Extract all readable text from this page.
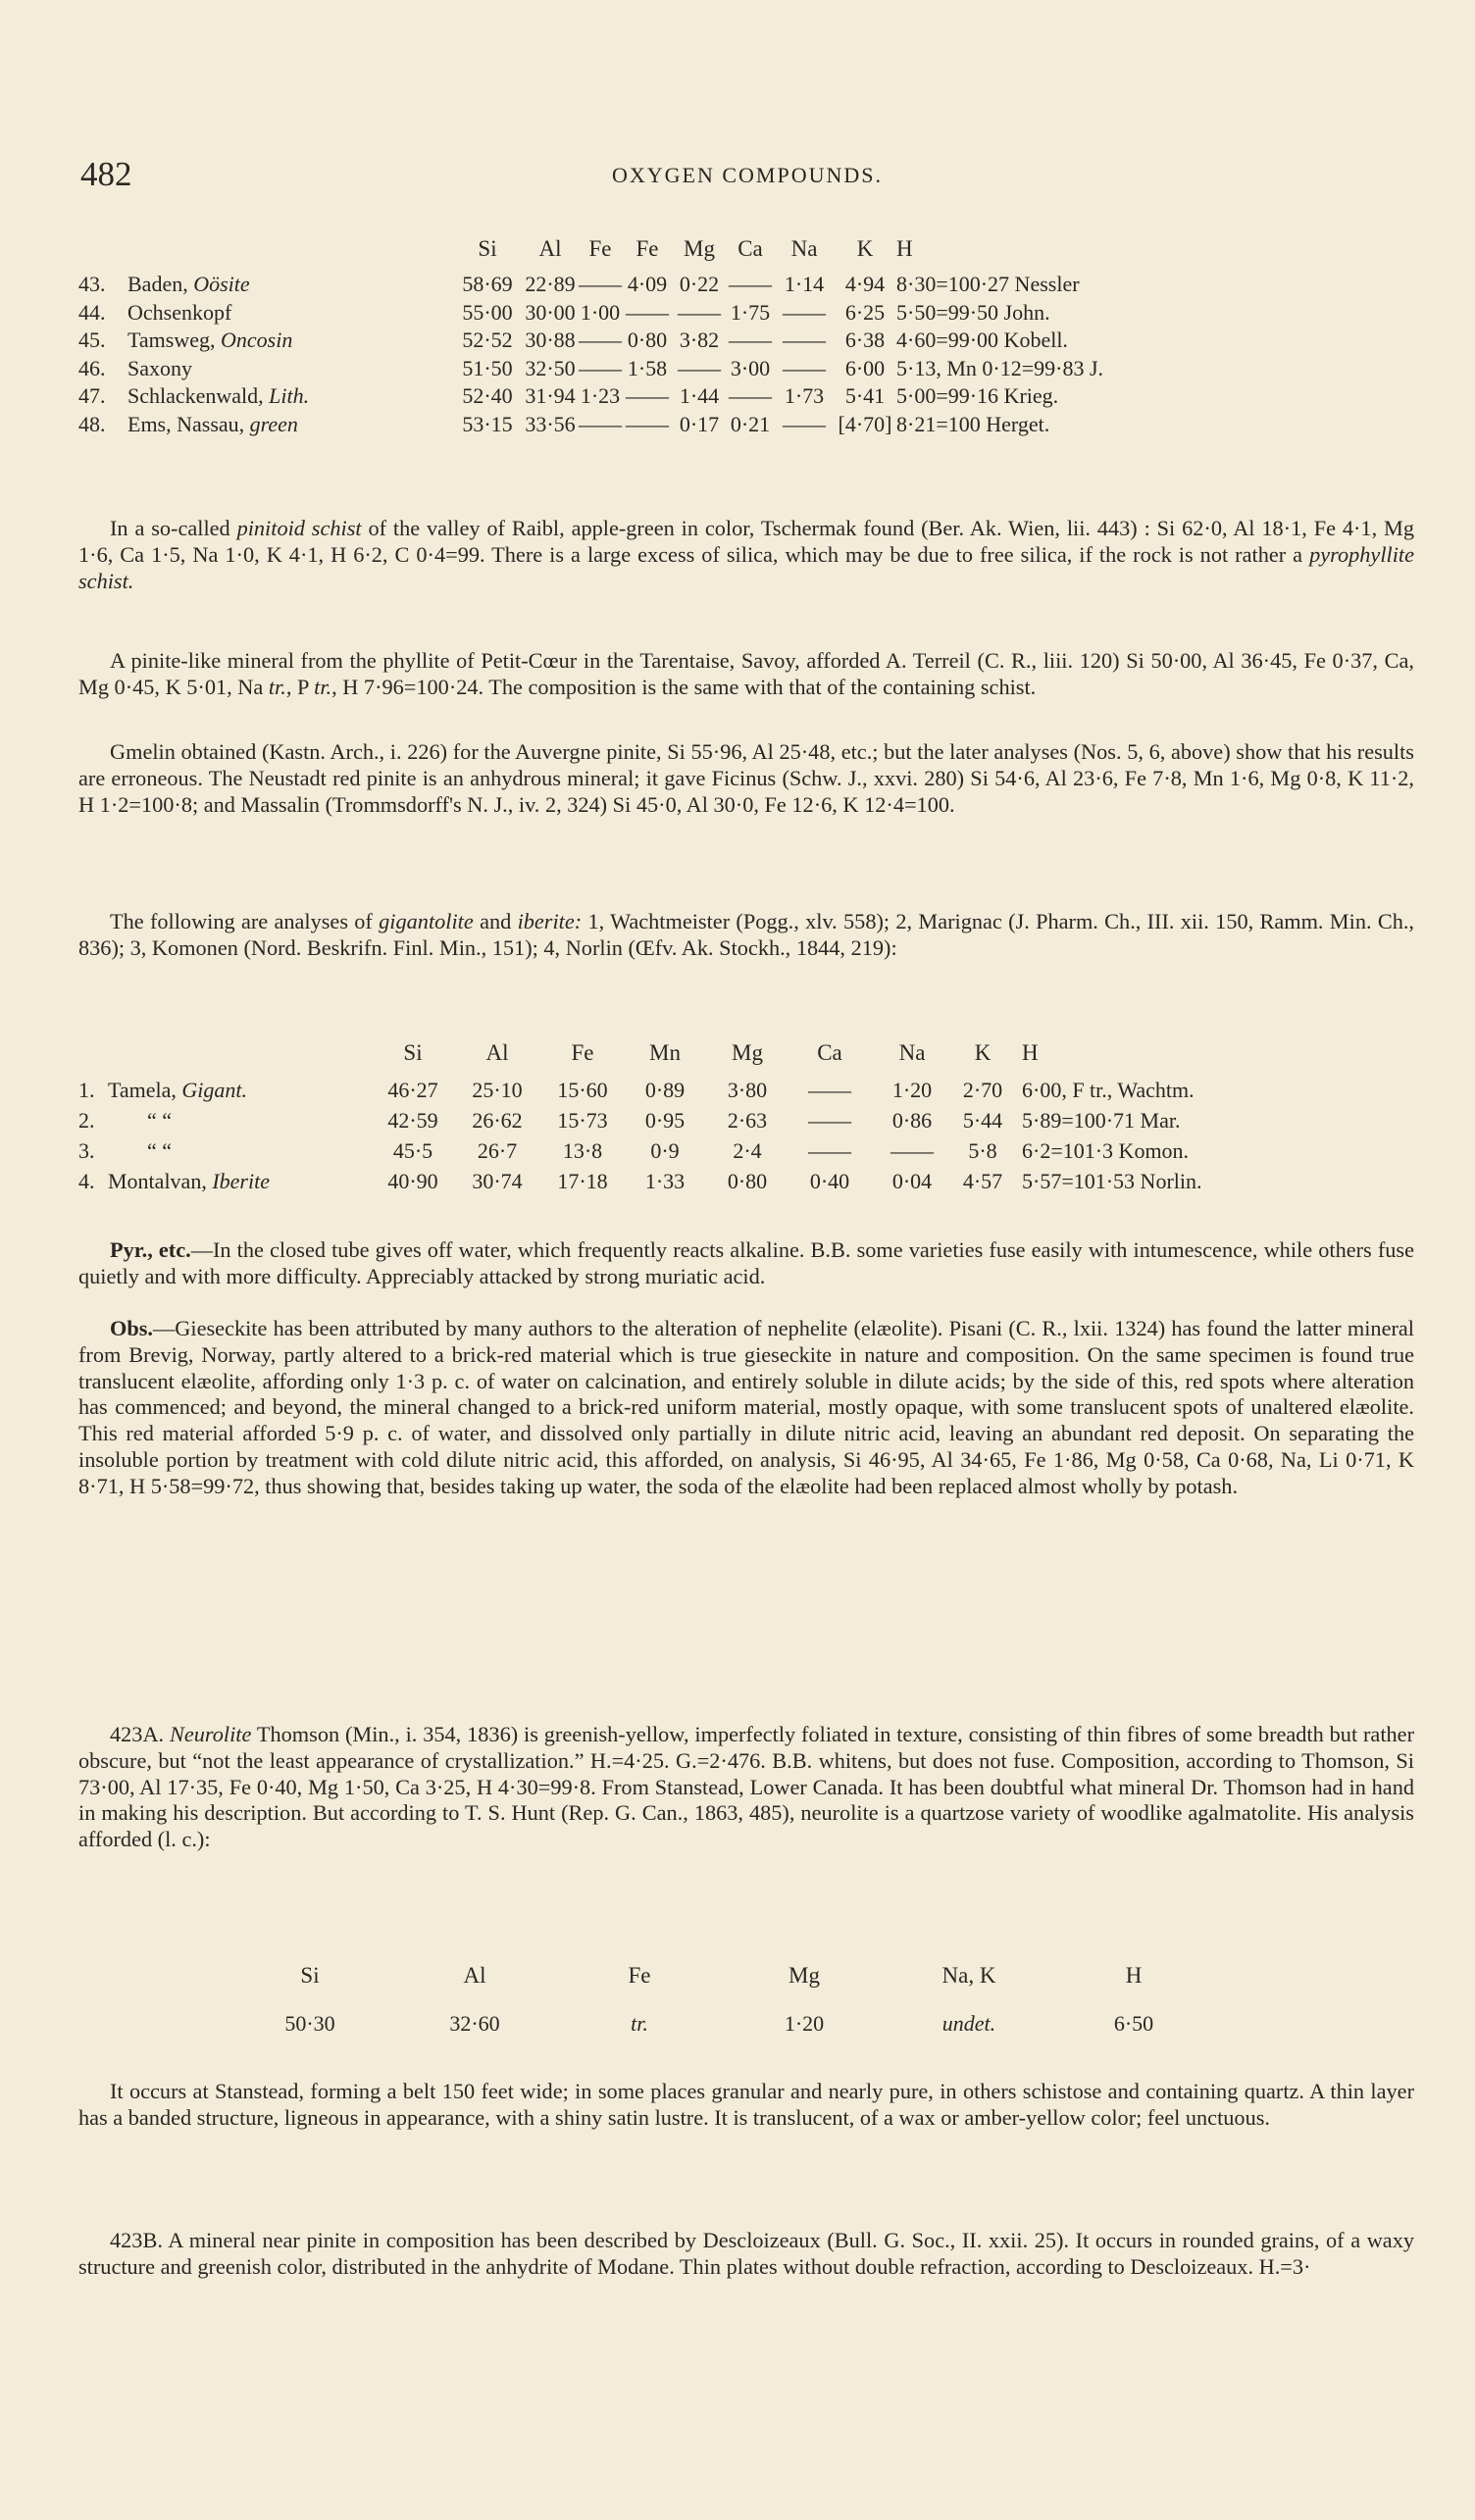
482	OXYGEN COMPOUNDS.
		Si	Al	Fe	Fe	Mg	Ca	Na	K	H
43.	Baden, Oösite	58·69	22·89	——	4·09	0·22	——	1·14	4·94	8·30=100·27 Nessler
44.	Ochsenkopf	55·00	30·00	1·00	——	——	1·75	——	6·25	5·50=99·50 John.
45.	Tamsweg, Oncosin	52·52	30·88	——	0·80	3·82	——	——	6·38	4·60=99·00 Kobell.
46.	Saxony	51·50	32·50	——	1·58	——	3·00	——	6·00	5·13, Mn 0·12=99·83 J.
47.	Schlackenwald, Lith.	52·40	31·94	1·23	——	1·44	——	1·73	5·41	5·00=99·16 Krieg.
48.	Ems, Nassau, green	53·15	33·56	——	——	0·17	0·21	——	[4·70]	8·21=100 Herget.

In a so-called pinitoid schist of the valley of Raibl, apple-green in color, Tschermak found (Ber. Ak. Wien, lii. 443) : Si 62·0, Al 18·1, Fe 4·1, Mg 1·6, Ca 1·5, Na 1·0, K 4·1, H 6·2, C 0·4=99. There is a large excess of silica, which may be due to free silica, if the rock is not rather a pyrophyllite schist.

A pinite-like mineral from the phyllite of Petit-Cœur in the Tarentaise, Savoy, afforded A. Terreil (C. R., liii. 120) Si 50·00, Al 36·45, Fe 0·37, Ca, Mg 0·45, K 5·01, Na tr., P tr., H 7·96=100·24. The composition is the same with that of the containing schist.

Gmelin obtained (Kastn. Arch., i. 226) for the Auvergne pinite, Si 55·96, Al 25·48, etc.; but the later analyses (Nos. 5, 6, above) show that his results are erroneous. The Neustadt red pinite is an anhydrous mineral; it gave Ficinus (Schw. J., xxvi. 280) Si 54·6, Al 23·6, Fe 7·8, Mn 1·6, Mg 0·8, K 11·2, H 1·2=100·8; and Massalin (Trommsdorff's N. J., iv. 2, 324) Si 45·0, Al 30·0, Fe 12·6, K 12·4=100.

The following are analyses of gigantolite and iberite: 1, Wachtmeister (Pogg., xlv. 558); 2, Marignac (J. Pharm. Ch., III. xii. 150, Ramm. Min. Ch., 836); 3, Komonen (Nord. Beskrifn. Finl. Min., 151); 4, Norlin (Œfv. Ak. Stockh., 1844, 219):

		Si	Al	Fe	Mn	Mg	Ca	Na	K	H
1.	Tamela, Gigant.	46·27	25·10	15·60	0·89	3·80	——	1·20	2·70	6·00, F tr., Wachtm.
2.	“ “	42·59	26·62	15·73	0·95	2·63	——	0·86	5·44	5·89=100·71 Mar.
3.	“ “	45·5	26·7	13·8	0·9	2·4	——	——	5·8	6·2=101·3 Komon.
4.	Montalvan, Iberite	40·90	30·74	17·18	1·33	0·80	0·40	0·04	4·57	5·57=101·53 Norlin.

Pyr., etc.—In the closed tube gives off water, which frequently reacts alkaline. B.B. some varieties fuse easily with intumescence, while others fuse quietly and with more difficulty. Appreciably attacked by strong muriatic acid.

Obs.—Gieseckite has been attributed by many authors to the alteration of nephelite (elæolite). Pisani (C. R., lxii. 1324) has found the latter mineral from Brevig, Norway, partly altered to a brick-red material which is true gieseckite in nature and composition. On the same specimen is found true translucent elæolite, affording only 1·3 p. c. of water on calcination, and entirely soluble in dilute acids; by the side of this, red spots where alteration has commenced; and beyond, the mineral changed to a brick-red uniform material, mostly opaque, with some translucent spots of unaltered elæolite. This red material afforded 5·9 p. c. of water, and dissolved only partially in dilute nitric acid, leaving an abundant red deposit. On separating the insoluble portion by treatment with cold dilute nitric acid, this afforded, on analysis, Si 46·95, Al 34·65, Fe 1·86, Mg 0·58, Ca 0·68, Na, Li 0·71, K 8·71, H 5·58=99·72, thus showing that, besides taking up water, the soda of the elæolite had been replaced almost wholly by potash.

423A. Neurolite Thomson (Min., i. 354, 1836) is greenish-yellow, imperfectly foliated in texture, consisting of thin fibres of some breadth but rather obscure, but “not the least appearance of crystallization.” H.=4·25. G.=2·476. B.B. whitens, but does not fuse. Composition, according to Thomson, Si 73·00, Al 17·35, Fe 0·40, Mg 1·50, Ca 3·25, H 4·30=99·8. From Stanstead, Lower Canada. It has been doubtful what mineral Dr. Thomson had in hand in making his description. But according to T. S. Hunt (Rep. G. Can., 1863, 485), neurolite is a quartzose variety of woodlike agalmatolite. His analysis afforded (l. c.):

Si	Al	Fe	Mg	Na, K	H
50·30	32·60	tr.	1·20	undet.	6·50

It occurs at Stanstead, forming a belt 150 feet wide; in some places granular and nearly pure, in others schistose and containing quartz. A thin layer has a banded structure, ligneous in appearance, with a shiny satin lustre. It is translucent, of a wax or amber-yellow color; feel unctuous.

423B. A mineral near pinite in composition has been described by Descloizeaux (Bull. G. Soc., II. xxii. 25). It occurs in rounded grains, of a waxy structure and greenish color, distributed in the anhydrite of Modane. Thin plates without double refraction, according to Descloizeaux. H.=3·
